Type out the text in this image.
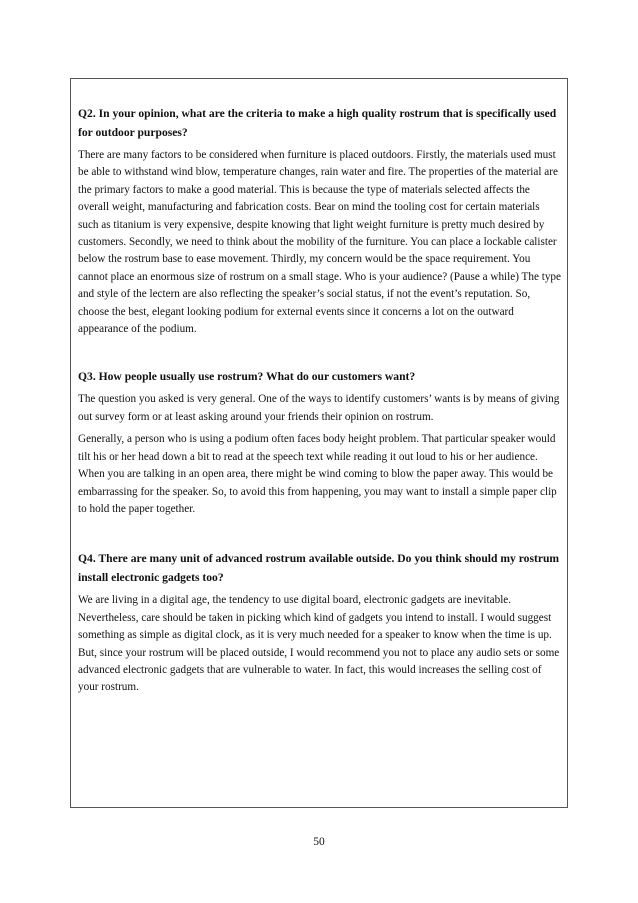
Q2. In your opinion, what are the criteria to make a high quality rostrum that is specifically used for outdoor purposes?

There are many factors to be considered when furniture is placed outdoors. Firstly, the materials used must be able to withstand wind blow, temperature changes, rain water and fire. The properties of the material are the primary factors to make a good material. This is because the type of materials selected affects the overall weight, manufacturing and fabrication costs. Bear on mind the tooling cost for certain materials such as titanium is very expensive, despite knowing that light weight furniture is pretty much desired by customers. Secondly, we need to think about the mobility of the furniture. You can place a lockable calister below the rostrum base to ease movement. Thirdly, my concern would be the space requirement. You cannot place an enormous size of rostrum on a small stage. Who is your audience? (Pause a while) The type and style of the lectern are also reflecting the speaker’s social status, if not the event’s reputation. So, choose the best, elegant looking podium for external events since it concerns a lot on the outward appearance of the podium.

Q3. How people usually use rostrum? What do our customers want?

The question you asked is very general. One of the ways to identify customers’ wants is by means of giving out survey form or at least asking around your friends their opinion on rostrum.

Generally, a person who is using a podium often faces body height problem. That particular speaker would tilt his or her head down a bit to read at the speech text while reading it out loud to his or her audience. When you are talking in an open area, there might be wind coming to blow the paper away. This would be embarrassing for the speaker. So, to avoid this from happening, you may want to install a simple paper clip to hold the paper together.

Q4. There are many unit of advanced rostrum available outside. Do you think should my rostrum install electronic gadgets too?

We are living in a digital age, the tendency to use digital board, electronic gadgets are inevitable. Nevertheless, care should be taken in picking which kind of gadgets you intend to install. I would suggest something as simple as digital clock, as it is very much needed for a speaker to know when the time is up. But, since your rostrum will be placed outside, I would recommend you not to place any audio sets or some advanced electronic gadgets that are vulnerable to water. In fact, this would increases the selling cost of your rostrum.

50
